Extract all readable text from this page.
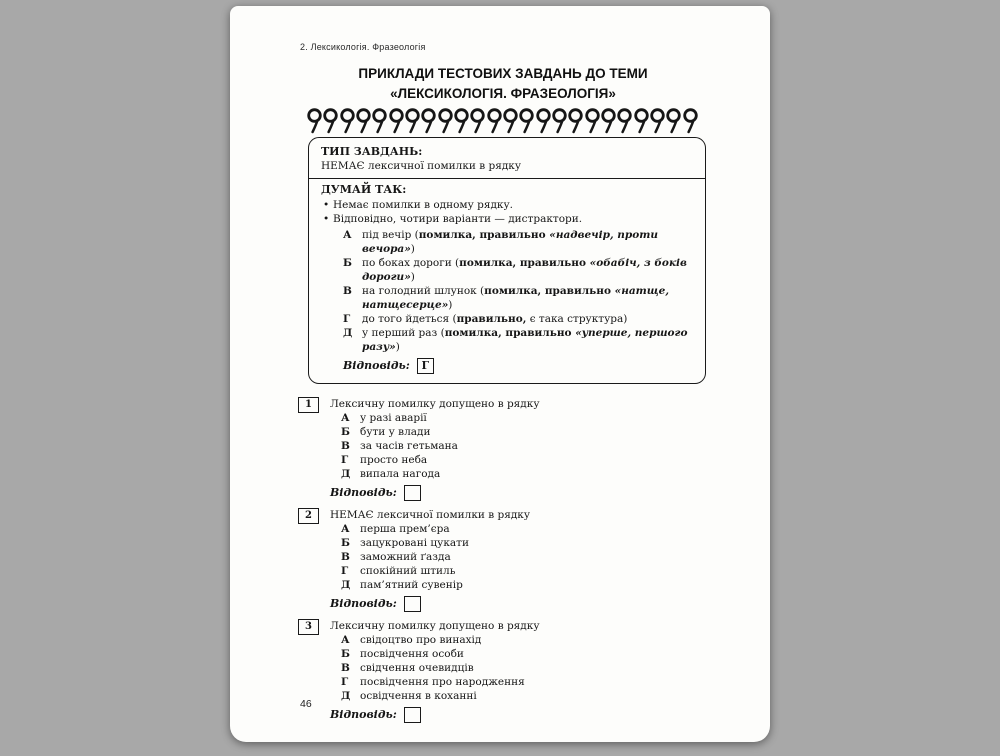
2. Лексикологія. Фразеологія
ПРИКЛАДИ ТЕСТОВИХ ЗАВДАНЬ ДО ТЕМИ
«ЛЕКСИКОЛОГІЯ. ФРАЗЕОЛОГІЯ»
ТИП ЗАВДАНЬ:
НЕМАЄ лексичної помилки в рядку
ДУМАЙ ТАК:
• Немає помилки в одному рядку.
• Відповідно, чотири варіанти — дистрактори.
А під вечір (помилка, правильно «надвечір, проти вечора»)
Б по боках дороги (помилка, правильно «обабіч, з боків дороги»)
В на голодний шлунок (помилка, правильно «натще, натщесерце»)
Г	до того йдеться (правильно, є така структура)
Д у перший раз (помилка, правильно «уперше, першого разу»)
Відповідь:	Г
1	Лексичну помилку допущено в рядку
А у разі аварії
Б бути у влади
В за часів гетьмана
Г	просто неба
Д випала нагода
Відповідь:
2	НЕМАЄ лексичної помилки в рядку
А перша прем’єра
Б зацукровані цукати
В заможний ґазда
Г	спокійний штиль
Д пам’ятний сувенір
Відповідь:
3	Лексичну помилку допущено в рядку
А свідоцтво про винахід
Б посвідчення особи
В свідчення очевидців
Г	посвідчення про народження
Д освідчення в коханні
Відповідь:
46
